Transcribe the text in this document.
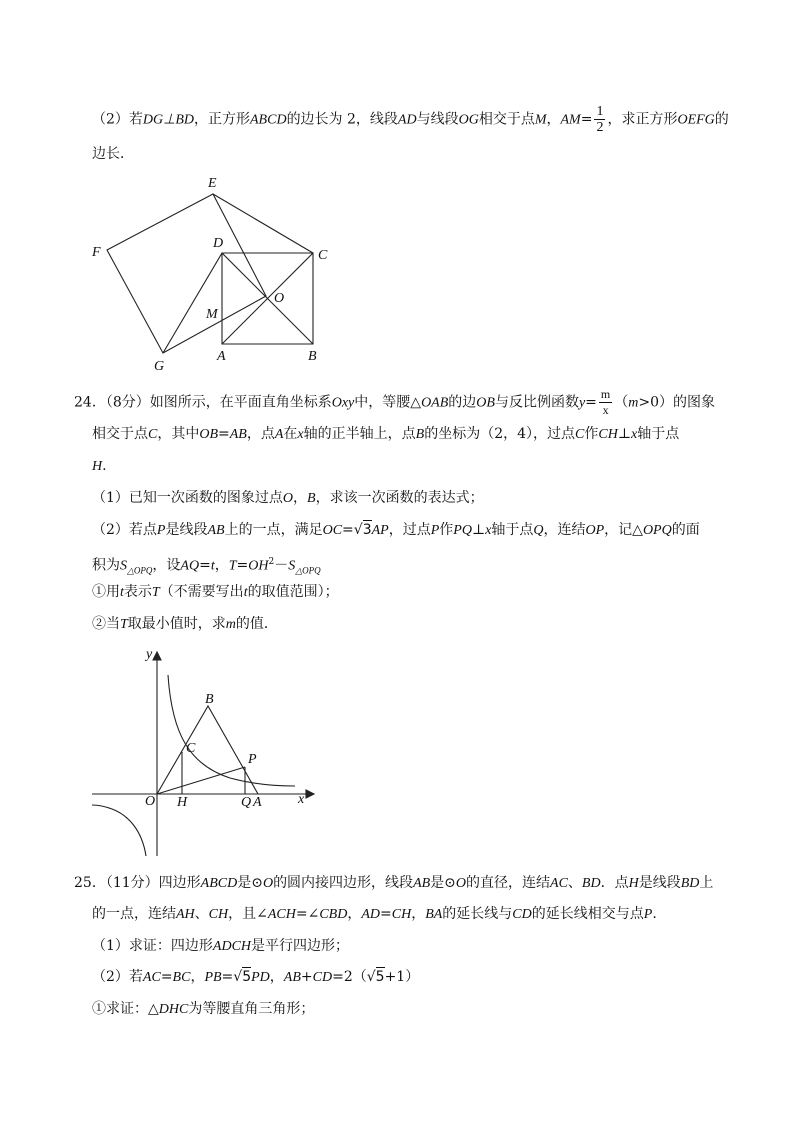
（2）若DG⊥BD，正方形ABCD的边长为 2，线段AD与线段OG相交于点M，$AM= \frac{1}{2}$ ，求正方形OEFG的
边长．
E
F
D
C
O
M
G
A	B
24．（8分）如图所示，在平面直角坐标系Oxy中，等腰△OAB的边OB与反比例函数$y= \frac{m}{x} (m>0)$的图象
相交于点C，其中OB=AB，点A在x轴的正半轴上，点B的坐标为（2，4），过点C作CH⊥x轴于点
H.
（1）已知一次函数的图象过点O，B，求该一次函数的表达式；
（2）若点P是线段AB上的一点，满足OC=√3AP，过点P作PQ⊥x轴于点Q，连结OP，记△OPQ的面
积为$S_{\triangle OPQ}$，设AQ=t，$T=OH^2-S_{\triangle OPQ}$
①用t表示T（不需要写出t的取值范围）；
②当T取最小值时，求m的值．
y
x
B
C
P
O H	Q A
25．（11分）四边形ABCD是⊙O的圆内接四边形，线段AB是⊙O的直径，连结AC、BD．点H是线段BD上
的一点，连结AH、CH，且∠ACH=∠CBD，AD=CH，BA的延长线与CD的延长线相交与点P.
（1）求证：四边形ADCH是平行四边形；
（2）若AC=BC，PB=√5PD，AB+CD=2（√5+1）
①求证：△DHC为等腰直角三角形；
